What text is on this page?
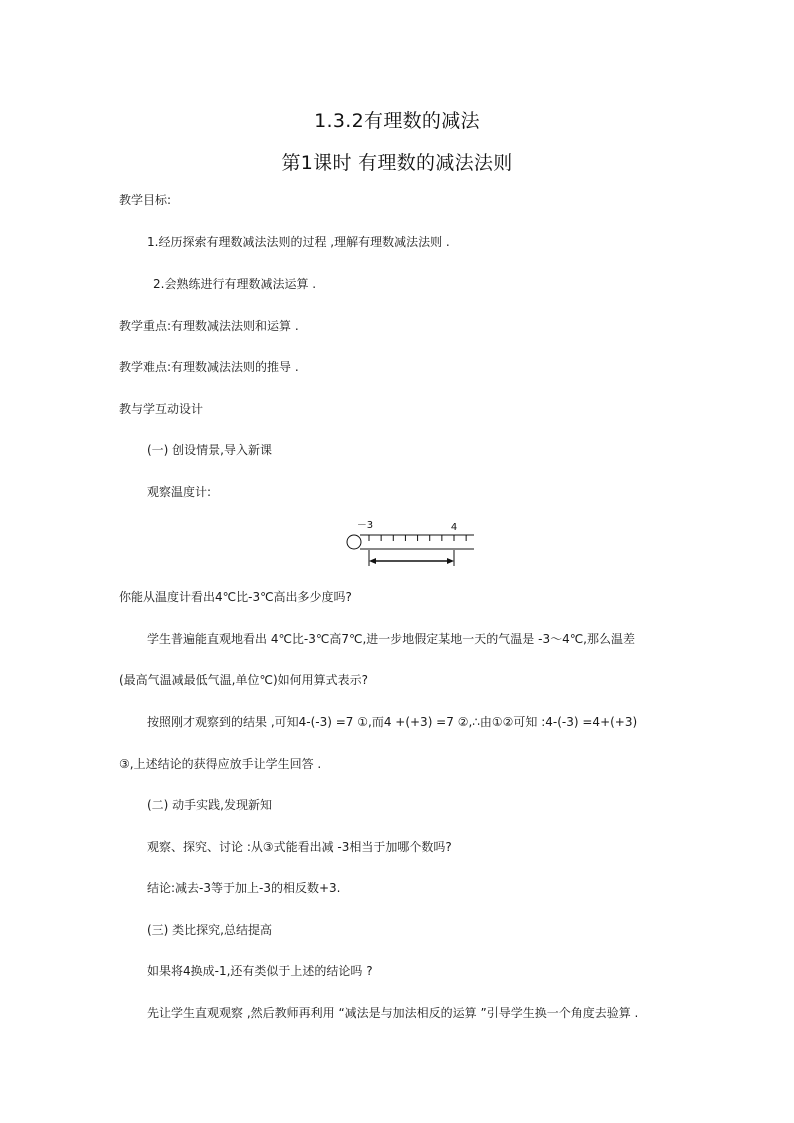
1.3.2有理数的减法
第1课时 有理数的减法法则
教学目标:
1.经历探索有理数减法法则的过程 ,理解有理数减法法则 .
2.会熟练进行有理数减法运算 .
教学重点:有理数减法法则和运算 .
教学难点:有理数减法法则的推导 .
教与学互动设计
(一) 创设情景,导入新课
观察温度计:
－3	4
你能从温度计看出4℃比-3℃高出多少度吗?
学生普遍能直观地看出 4℃比-3℃高7℃,进一步地假定某地一天的气温是 -3～4℃,那么温差
(最高气温减最低气温,单位℃)如何用算式表示?
按照刚才观察到的结果 ,可知4-(-3) =7 ①,而4 +(+3) =7 ②,∴由①②可知 :4-(-3) =4+(+3)
③,上述结论的获得应放手让学生回答 .
(二) 动手实践,发现新知
观察、探究、讨论 :从③式能看出减 -3相当于加哪个数吗?
结论:减去-3等于加上-3的相反数+3.
(三) 类比探究,总结提高
如果将4换成-1,还有类似于上述的结论吗 ?
先让学生直观观察 ,然后教师再利用 “减法是与加法相反的运算 ”引导学生换一个角度去验算 .
